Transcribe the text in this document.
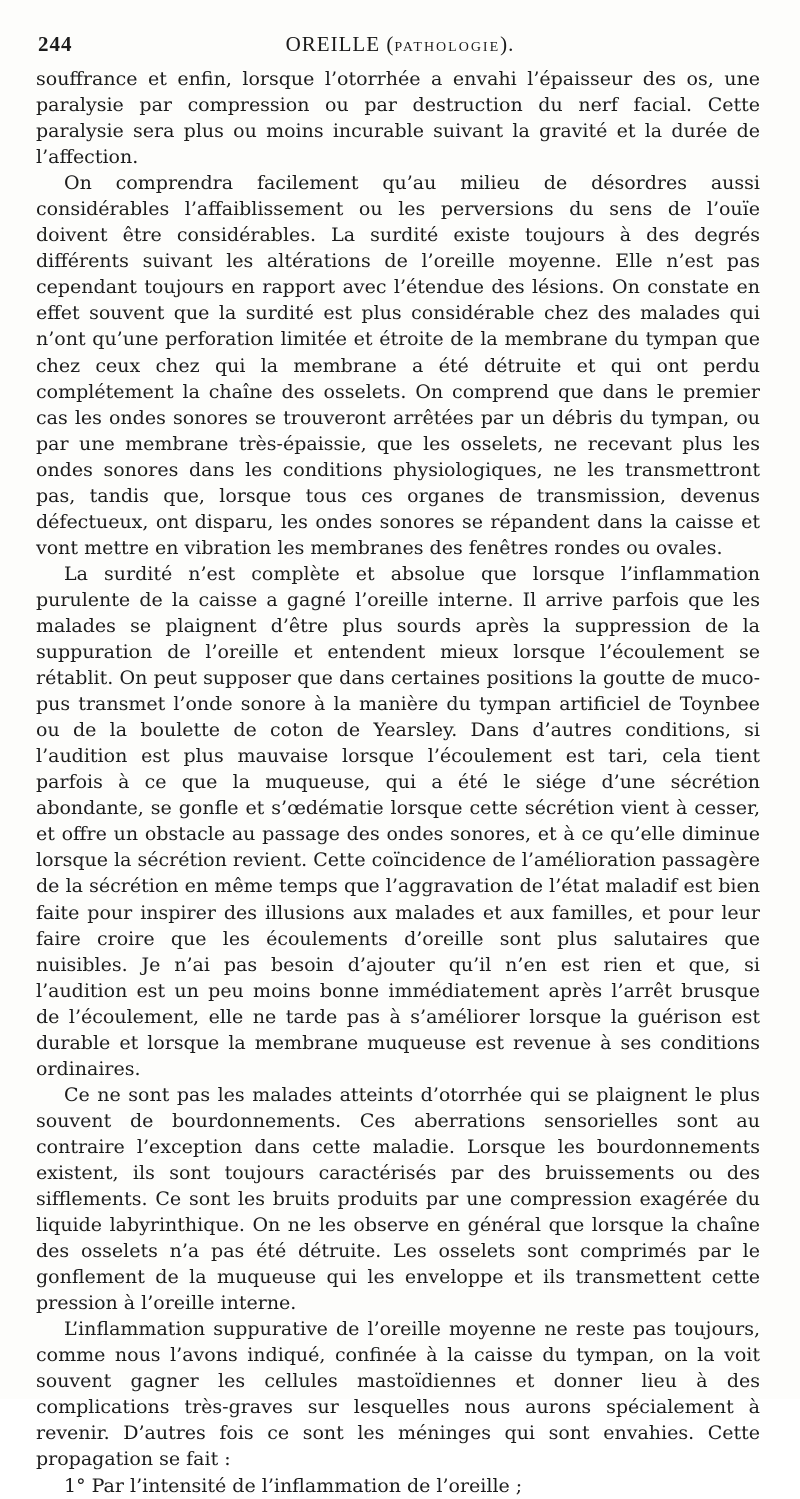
244	OREILLE (PATHOLOGIE).

souffrance et enfin, lorsque l’otorrhée a envahi l’épaisseur des os, une paralysie par compression ou par destruction du nerf facial. Cette paralysie sera plus ou moins incurable suivant la gravité et la durée de l’affection.

On comprendra facilement qu’au milieu de désordres aussi considérables l’affaiblissement ou les perversions du sens de l’ouïe doivent être considérables. La surdité existe toujours à des degrés différents suivant les altérations de l’oreille moyenne. Elle n’est pas cependant toujours en rapport avec l’étendue des lésions. On constate en effet souvent que la surdité est plus considérable chez des malades qui n’ont qu’une perforation limitée et étroite de la membrane du tympan que chez ceux chez qui la membrane a été détruite et qui ont perdu complétement la chaîne des osselets. On comprend que dans le premier cas les ondes sonores se trouveront arrêtées par un débris du tympan, ou par une membrane très-épaissie, que les osselets, ne recevant plus les ondes sonores dans les conditions physiologiques, ne les transmettront pas, tandis que, lorsque tous ces organes de transmission, devenus défectueux, ont disparu, les ondes sonores se répandent dans la caisse et vont mettre en vibration les membranes des fenêtres rondes ou ovales.

La surdité n’est complète et absolue que lorsque l’inflammation purulente de la caisse a gagné l’oreille interne. Il arrive parfois que les malades se plaignent d’être plus sourds après la suppression de la suppuration de l’oreille et entendent mieux lorsque l’écoulement se rétablit. On peut supposer que dans certaines positions la goutte de muco-pus transmet l’onde sonore à la manière du tympan artificiel de Toynbee ou de la boulette de coton de Yearsley. Dans d’autres conditions, si l’audition est plus mauvaise lorsque l’écoulement est tari, cela tient parfois à ce que la muqueuse, qui a été le siége d’une sécrétion abondante, se gonfle et s’œdématie lorsque cette sécrétion vient à cesser, et offre un obstacle au passage des ondes sonores, et à ce qu’elle diminue lorsque la sécrétion revient. Cette coïncidence de l’amélioration passagère de la sécrétion en même temps que l’aggravation de l’état maladif est bien faite pour inspirer des illusions aux malades et aux familles, et pour leur faire croire que les écoulements d’oreille sont plus salutaires que nuisibles. Je n’ai pas besoin d’ajouter qu’il n’en est rien et que, si l’audition est un peu moins bonne immédiatement après l’arrêt brusque de l’écoulement, elle ne tarde pas à s’améliorer lorsque la guérison est durable et lorsque la membrane muqueuse est revenue à ses conditions ordinaires.

Ce ne sont pas les malades atteints d’otorrhée qui se plaignent le plus souvent de bourdonnements. Ces aberrations sensorielles sont au contraire l’exception dans cette maladie. Lorsque les bourdonnements existent, ils sont toujours caractérisés par des bruissements ou des sifflements. Ce sont les bruits produits par une compression exagérée du liquide labyrinthique. On ne les observe en général que lorsque la chaîne des osselets n’a pas été détruite. Les osselets sont comprimés par le gonflement de la muqueuse qui les enveloppe et ils transmettent cette pression à l’oreille interne.

L’inflammation suppurative de l’oreille moyenne ne reste pas toujours, comme nous l’avons indiqué, confinée à la caisse du tympan, on la voit souvent gagner les cellules mastoïdiennes et donner lieu à des complications très-graves sur lesquelles nous aurons spécialement à revenir. D’autres fois ce sont les méninges qui sont envahies. Cette propagation se fait :

1° Par l’intensité de l’inflammation de l’oreille ;
